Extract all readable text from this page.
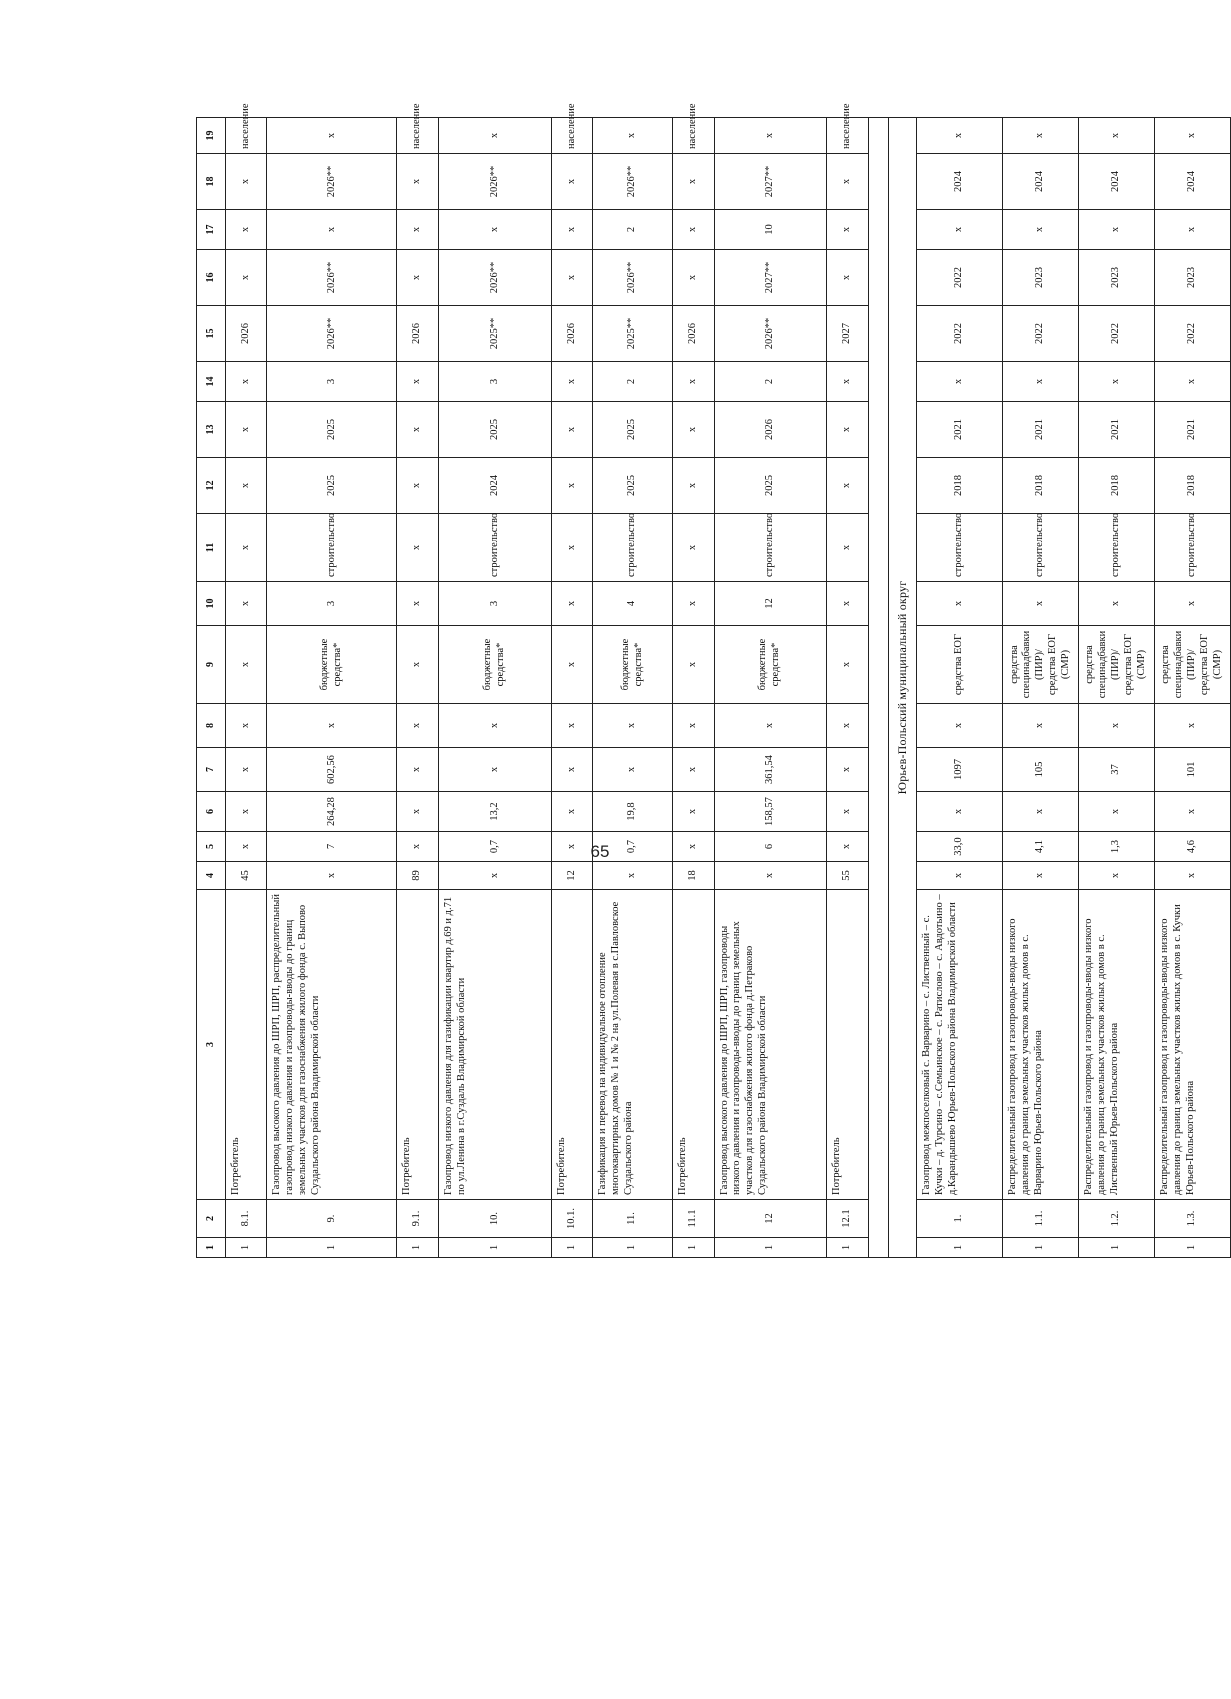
65
1	2	3	4	5	6	7	8	9	10	11	12	13	14	15	16	17	18	19
1	8.1.	Потребитель	45	x	x	x	x	x	x	x	x	x	x	2026	x	x	x	население
1	9.	Газопровод высокого давления до ШРП, ШРП, распределительный газопровод низкого давления и газопроводы-вводы до границ земельных участков для газоснабжения жилого фонда с. Выпово Суздальского района Владимирской области	x	7	264,28	602,56	x	бюджетные средства*	3	строительство	2025	2025	3	2026**	2026**	x	2026**	x
1	9.1.	Потребитель	89	x	x	x	x	x	x	x	x	x	x	2026	x	x	x	население
1	10.	Газопровод низкого давления для газификации квартир д.69 и д.71 по ул.Ленина в г.Суздаль Владимирской области	x	0,7	13,2	x	x	бюджетные средства*	3	строительство	2024	2025	3	2025**	2026**	x	2026**	x
1	10.1.	Потребитель	12	x	x	x	x	x	x	x	x	x	x	2026	x	x	x	население
1	11.	Газификация и перевод на индивидуальное отопление многоквартирных домов № 1 и № 2 на ул.Полевая в с.Павловское Суздальского района	x	0,7	19,8	x	x	бюджетные средства*	4	строительство	2025	2025	2	2025**	2026**	2	2026**	x
1	11.1	Потребитель	18	x	x	x	x	x	x	x	x	x	x	2026	x	x	x	население
1	12	Газопровод высокого давления до ШРП, ШРП, газопроводы низкого давления и газопроводы-вводы до границ земельных участков для газоснабжения жилого фонда д.Петраково Суздальского района Владимирской области	x	6	158,57	361,54	x	бюджетные средства*	12	строительство	2025	2026	2	2026**	2027**	10	2027**	x
1	12.1	Потребитель	55	x	x	x	x	x	x	x	x	x	x	2027	x	x	x	население

Юрьев-Польский муниципальный округ																		
1	1.	Газопровод межпоселковый с. Варварино – с. Лиственный – с. Кучки – д. Турсино – с.Семьинское – с. Ратислово – с. Авдотьино – д.Карандышево Юрьев-Польского района Владимирской области	x	33,0	x	1097	x	средства ЕОГ	x	строительство	2018	2021	x	2022	2022	x	2024	x
1	1.1.	Распределительный газопровод и газопроводы-вводы низкого давления до границ земельных участков жилых домов в с. Варварино Юрьев-Польского района	x	4,1	x	105	x	средства специнадбавки (ПИР)/средства ЕОГ (СМР)	x	строительство	2018	2021	x	2022	2023	x	2024	x
1	1.2.	Распределительный газопровод и газопроводы-вводы низкого давления до границ земельных участков жилых домов в с. Лиственный Юрьев-Польского района	x	1,3	x	37	x	средства специнадбавки (ПИР)/средства ЕОГ (СМР)	x	строительство	2018	2021	x	2022	2023	x	2024	x
1	1.3.	Распределительный газопровод и газопроводы-вводы низкого давления до границ земельных участков жилых домов в с. Кучки Юрьев-Польского района	x	4,6	x	101	x	средства специнадбавки (ПИР)/средства ЕОГ (СМР)	x	строительство	2018	2021	x	2022	2023	x	2024	x
